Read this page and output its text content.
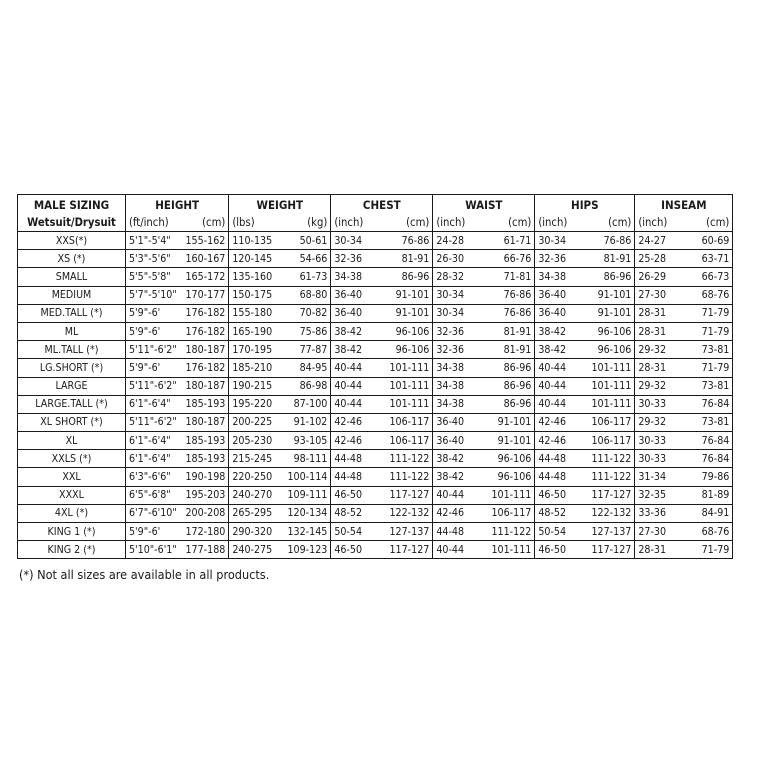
MALE SIZING	HEIGHT		WEIGHT		CHEST		WAIST		HIPS		INSEAM	
Wetsuit/Drysuit	(ft/inch)	(cm)	(lbs)	(kg)	(inch)	(cm)	(inch)	(cm)	(inch)	(cm)	(inch)	(cm)
XXS(*)	5'1"-5'4"	155-162	110-135	50-61	30-34	76-86	24-28	61-71	30-34	76-86	24-27	60-69
XS (*)	5'3"-5'6"	160-167	120-145	54-66	32-36	81-91	26-30	66-76	32-36	81-91	25-28	63-71
SMALL	5'5"-5'8"	165-172	135-160	61-73	34-38	86-96	28-32	71-81	34-38	86-96	26-29	66-73
MEDIUM	5'7"-5'10"	170-177	150-175	68-80	36-40	91-101	30-34	76-86	36-40	91-101	27-30	68-76
MED.TALL (*)	5'9"-6'	176-182	155-180	70-82	36-40	91-101	30-34	76-86	36-40	91-101	28-31	71-79
ML	5'9"-6'	176-182	165-190	75-86	38-42	96-106	32-36	81-91	38-42	96-106	28-31	71-79
ML.TALL (*)	5'11"-6'2"	180-187	170-195	77-87	38-42	96-106	32-36	81-91	38-42	96-106	29-32	73-81
LG.SHORT (*)	5'9"-6'	176-182	185-210	84-95	40-44	101-111	34-38	86-96	40-44	101-111	28-31	71-79
LARGE	5'11"-6'2"	180-187	190-215	86-98	40-44	101-111	34-38	86-96	40-44	101-111	29-32	73-81
LARGE.TALL (*)	6'1"-6'4"	185-193	195-220	87-100	40-44	101-111	34-38	86-96	40-44	101-111	30-33	76-84
XL SHORT (*)	5'11"-6'2"	180-187	200-225	91-102	42-46	106-117	36-40	91-101	42-46	106-117	29-32	73-81
XL	6'1"-6'4"	185-193	205-230	93-105	42-46	106-117	36-40	91-101	42-46	106-117	30-33	76-84
XXLS (*)	6'1"-6'4"	185-193	215-245	98-111	44-48	111-122	38-42	96-106	44-48	111-122	30-33	76-84
XXL	6'3"-6'6"	190-198	220-250	100-114	44-48	111-122	38-42	96-106	44-48	111-122	31-34	79-86
XXXL	6'5"-6'8"	195-203	240-270	109-111	46-50	117-127	40-44	101-111	46-50	117-127	32-35	81-89
4XL (*)	6'7"-6'10"	200-208	265-295	120-134	48-52	122-132	42-46	106-117	48-52	122-132	33-36	84-91
KING 1 (*)	5'9"-6'	172-180	290-320	132-145	50-54	127-137	44-48	111-122	50-54	127-137	27-30	68-76
KING 2 (*)	5'10"-6'1"	177-188	240-275	109-123	46-50	117-127	40-44	101-111	46-50	117-127	28-31	71-79
(*) Not all sizes are available in all products.
